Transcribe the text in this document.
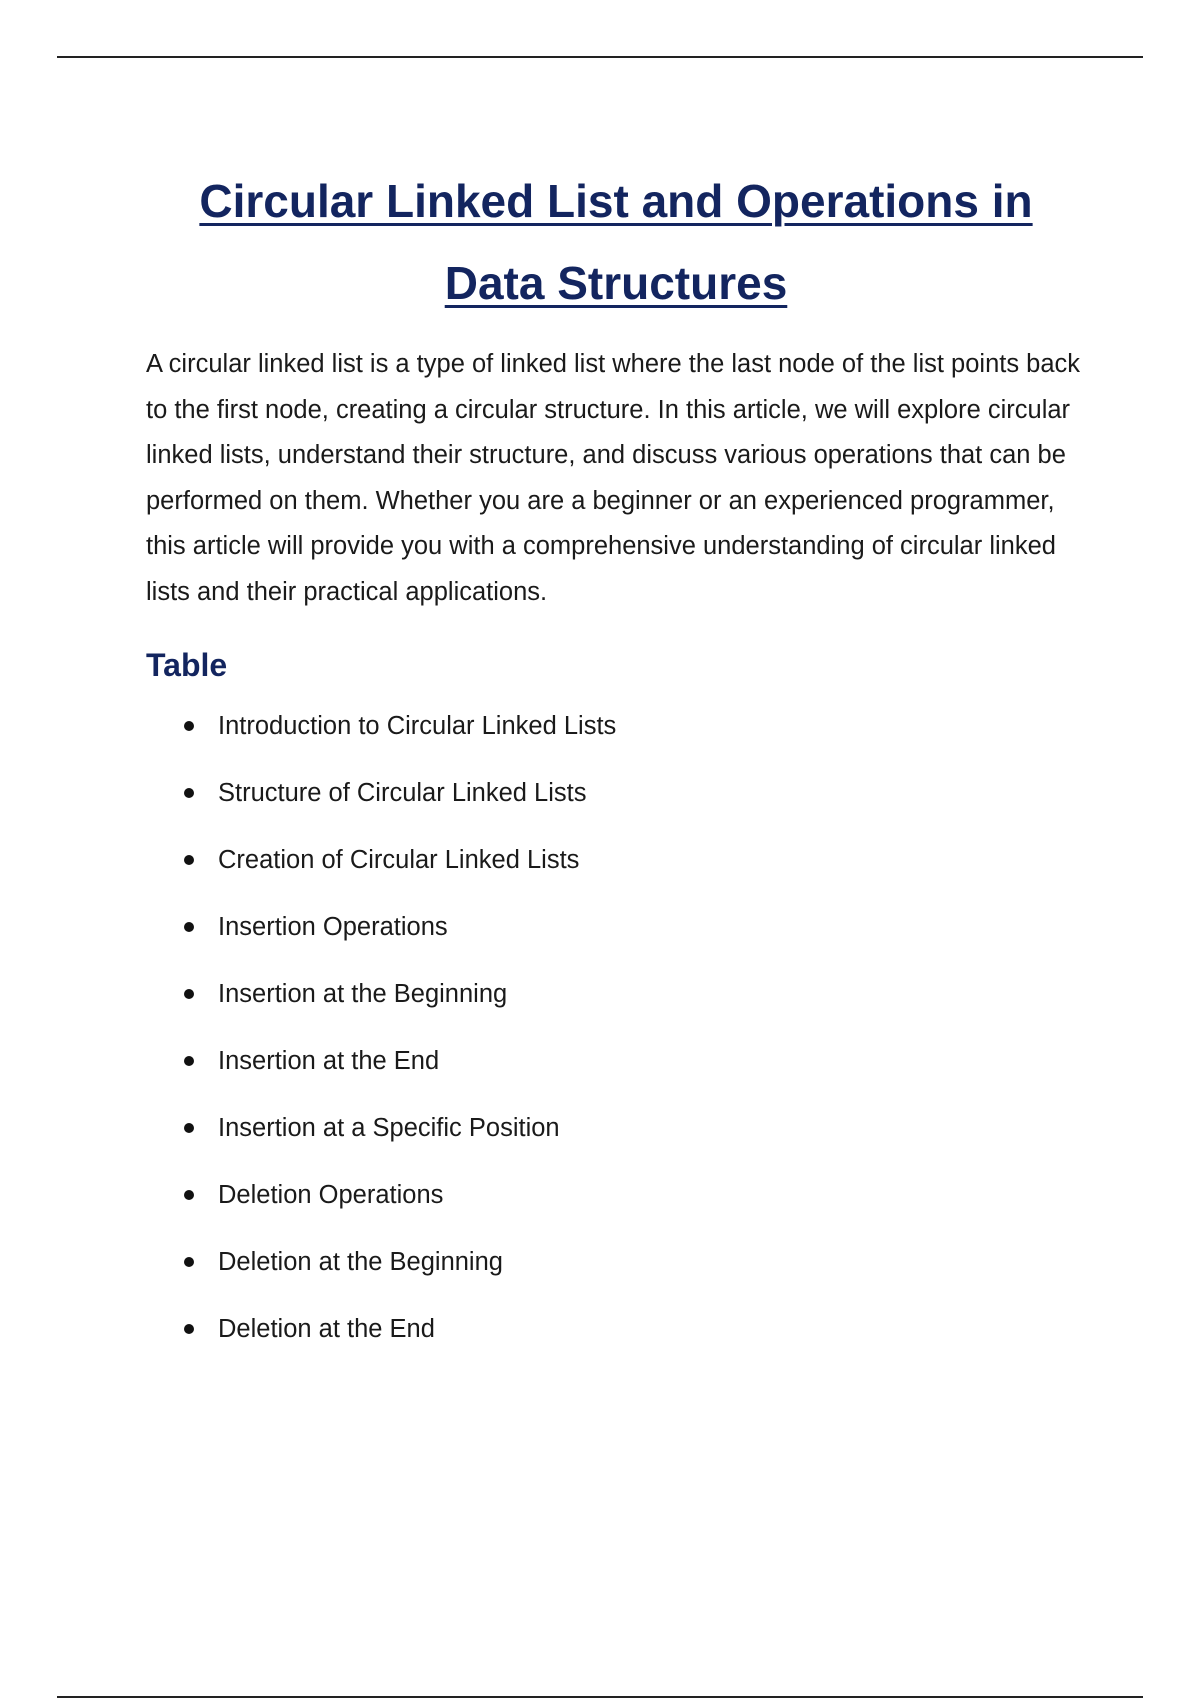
Circular Linked List and Operations in
Data Structures

A circular linked list is a type of linked list where the last node of the list points back to the first node, creating a circular structure. In this article, we will explore circular linked lists, understand their structure, and discuss various operations that can be performed on them. Whether you are a beginner or an experienced programmer, this article will provide you with a comprehensive understanding of circular linked lists and their practical applications.

Table
Introduction to Circular Linked Lists
Structure of Circular Linked Lists
Creation of Circular Linked Lists
Insertion Operations
Insertion at the Beginning
Insertion at the End
Insertion at a Specific Position
Deletion Operations
Deletion at the Beginning
Deletion at the End
